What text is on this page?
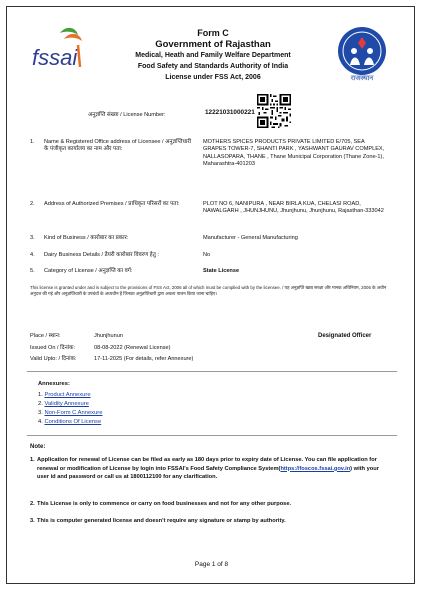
fssai
राजस्थान
Form C
Government of Rajasthan
Medical, Heath and Family Welfare Department
Food Safety and Standards Authority of India
License under FSS Act, 2006
अनुज्ञप्ति संख्या / License Number:	12221031000221
1. Name & Registered Office address of Licensee / अनुज्ञप्तिधारी के पंजीकृत कार्यालय का नाम और पता:
MOTHERS SPICES PRODUCTS PRIVATE LIMITED E/705, SEA GRAPES TOWER-7, SHANTI PARK , YASHWANT GAURAV COMPLEX, NALLASOPARA, THANE , Thane Municipal Corporation (Thane Zone-1), Maharashtra-401203
2. Address of Authorized Premises / प्राधिकृत परिसरों का पता:	PLOT NO 6, NANIPURA , NEAR BIRLA KUA, CHELASI ROAD, NAWALGARH , JHUNJHUNU, Jhunjhunu, Jhunjhunu, Rajasthan-333042
3. Kind of Business / कारोबार का प्रकार:	Manufacturer - General Manufacturing
4. Dairy Business Details / डेयरी कारोबार विवरण हेतु :	No
5. Category of License / अनुज्ञप्ति का वर्ग:	State License
This license is granted under and is subject to the provisions of FSS Act, 2006 all of which must be complied with by the licensee. / यह अनुज्ञप्ति खाद्य सरक्षा और मानक अधिनियम, 2006 के अधीन अनुदत्त की गई और अनुज्ञप्तिधारी के उपबंधों के अध्यधीन है जिनका अनुज्ञप्तिधारी द्वारा अवश्य पालन किया जाना चाहिए।
Place / स्थान:	Jhunjhunun	Designated Officer
Issued On / दिनांक:	08-08-2022 (Renewal License)
Valid Upto: / दिनांक:	17-11-2025 (For details, refer Annexure)
Annexures:
1. Product Annexure
2. Validity Annexure
3. Non-Form C Annexure
4. Conditions Of License
Note:
1. Application for renewal of License can be filed as early as 180 days prior to expiry date of License. You can file application for renewal or modification of License by login into FSSAI's Food Safety Compliance System(https://foscos.fssai.gov.in) with your user id and password or call us at 1800112100 for any clarification.
2. This License is only to commence or carry on food businesses and not for any other purpose.
3. This is computer generated license and doesn't require any signature or stamp by authority.
Page 1 of 8
